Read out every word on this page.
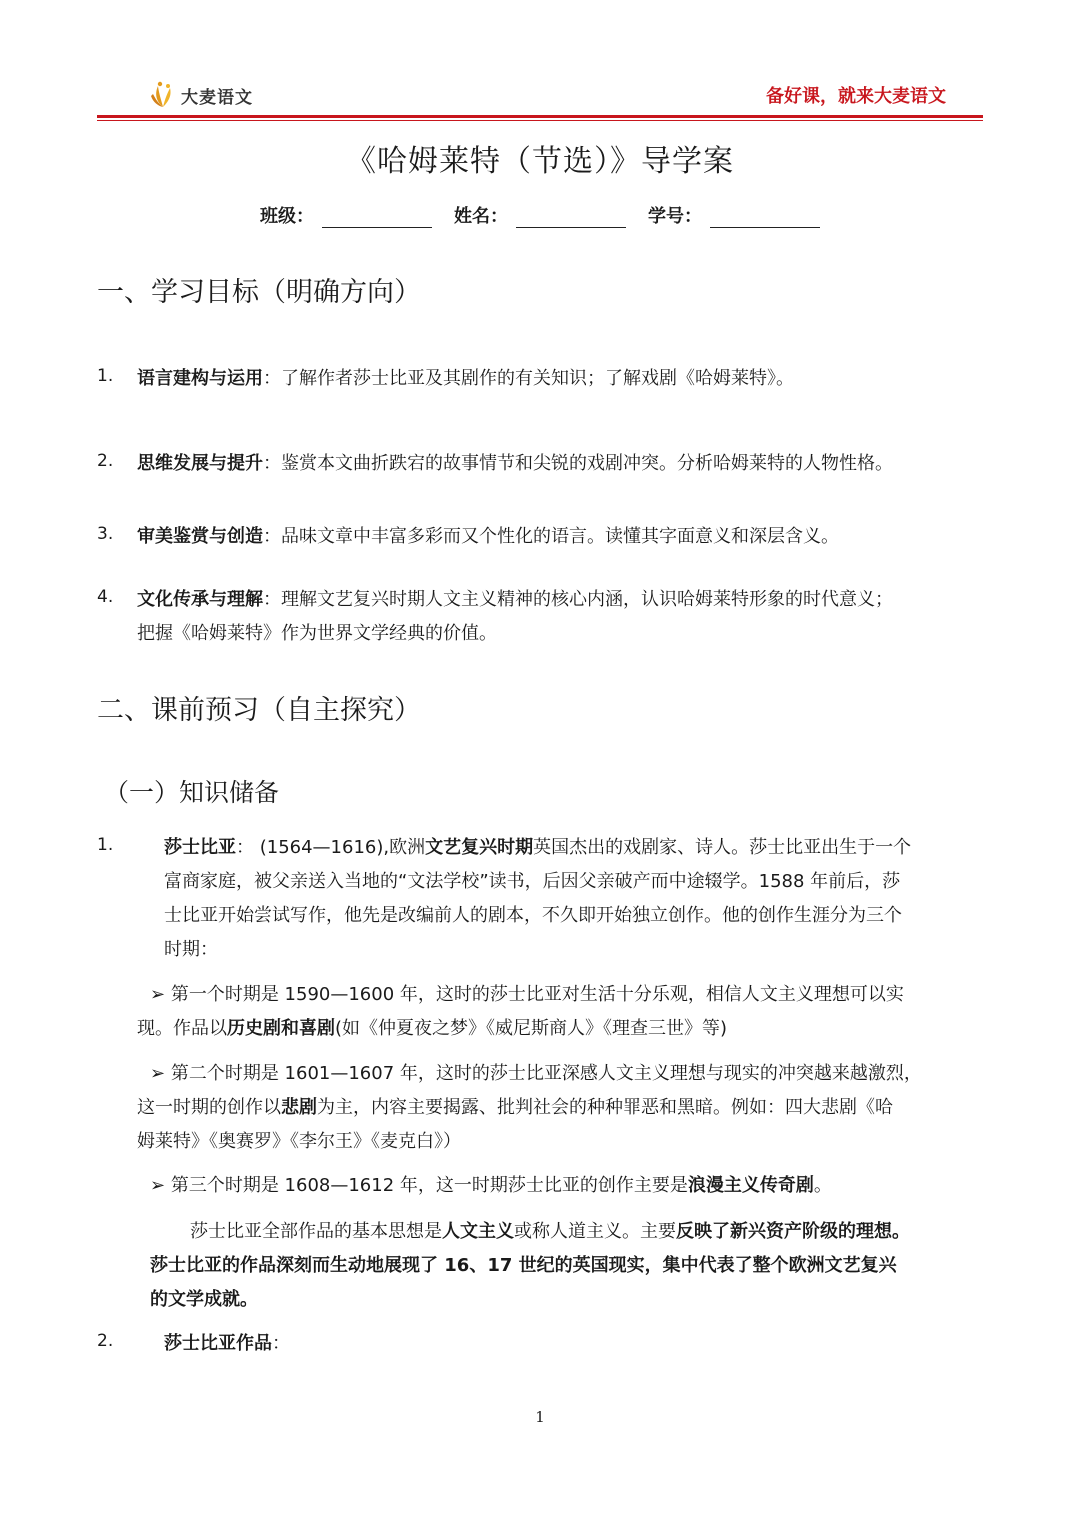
大麦语文	备好课，就来大麦语文
《哈姆莱特（节选）》导学案
班级：	姓名：	学号：
一、学习目标（明确方向）
1. 语言建构与运用：了解作者莎士比亚及其剧作的有关知识；了解戏剧《哈姆莱特》。
2. 思维发展与提升：鉴赏本文曲折跌宕的故事情节和尖锐的戏剧冲突。分析哈姆莱特的人物性格。
3. 审美鉴赏与创造：品味文章中丰富多彩而又个性化的语言。读懂其字面意义和深层含义。
4. 文化传承与理解：理解文艺复兴时期人文主义精神的核心内涵，认识哈姆莱特形象的时代意义；
把握《哈姆莱特》作为世界文学经典的价值。
二、课前预习（自主探究）
（一）知识储备
1.	莎士比亚： (1564—1616),欧洲文艺复兴时期英国杰出的戏剧家、诗人。莎士比亚出生于一个
富商家庭，被父亲送入当地的“文法学校”读书，后因父亲破产而中途辍学。1588 年前后，莎
士比亚开始尝试写作，他先是改编前人的剧本，不久即开始独立创作。他的创作生涯分为三个
时期：
➢ 第一个时期是 1590—1600 年，这时的莎士比亚对生活十分乐观，相信人文主义理想可以实
现。作品以历史剧和喜剧(如《仲夏夜之梦》《威尼斯商人》《理查三世》等)
➢ 第二个时期是 1601—1607 年，这时的莎士比亚深感人文主义理想与现实的冲突越来越激烈，
这一时期的创作以悲剧为主，内容主要揭露、批判社会的种种罪恶和黑暗。例如：四大悲剧《哈
姆莱特》《奥赛罗》《李尔王》《麦克白》）
➢ 第三个时期是 1608—1612 年，这一时期莎士比亚的创作主要是浪漫主义传奇剧。
莎士比亚全部作品的基本思想是人文主义或称人道主义。主要反映了新兴资产阶级的理想。
莎士比亚的作品深刻而生动地展现了 16、17 世纪的英国现实，集中代表了整个欧洲文艺复兴
的文学成就。
2.	莎士比亚作品：
1
